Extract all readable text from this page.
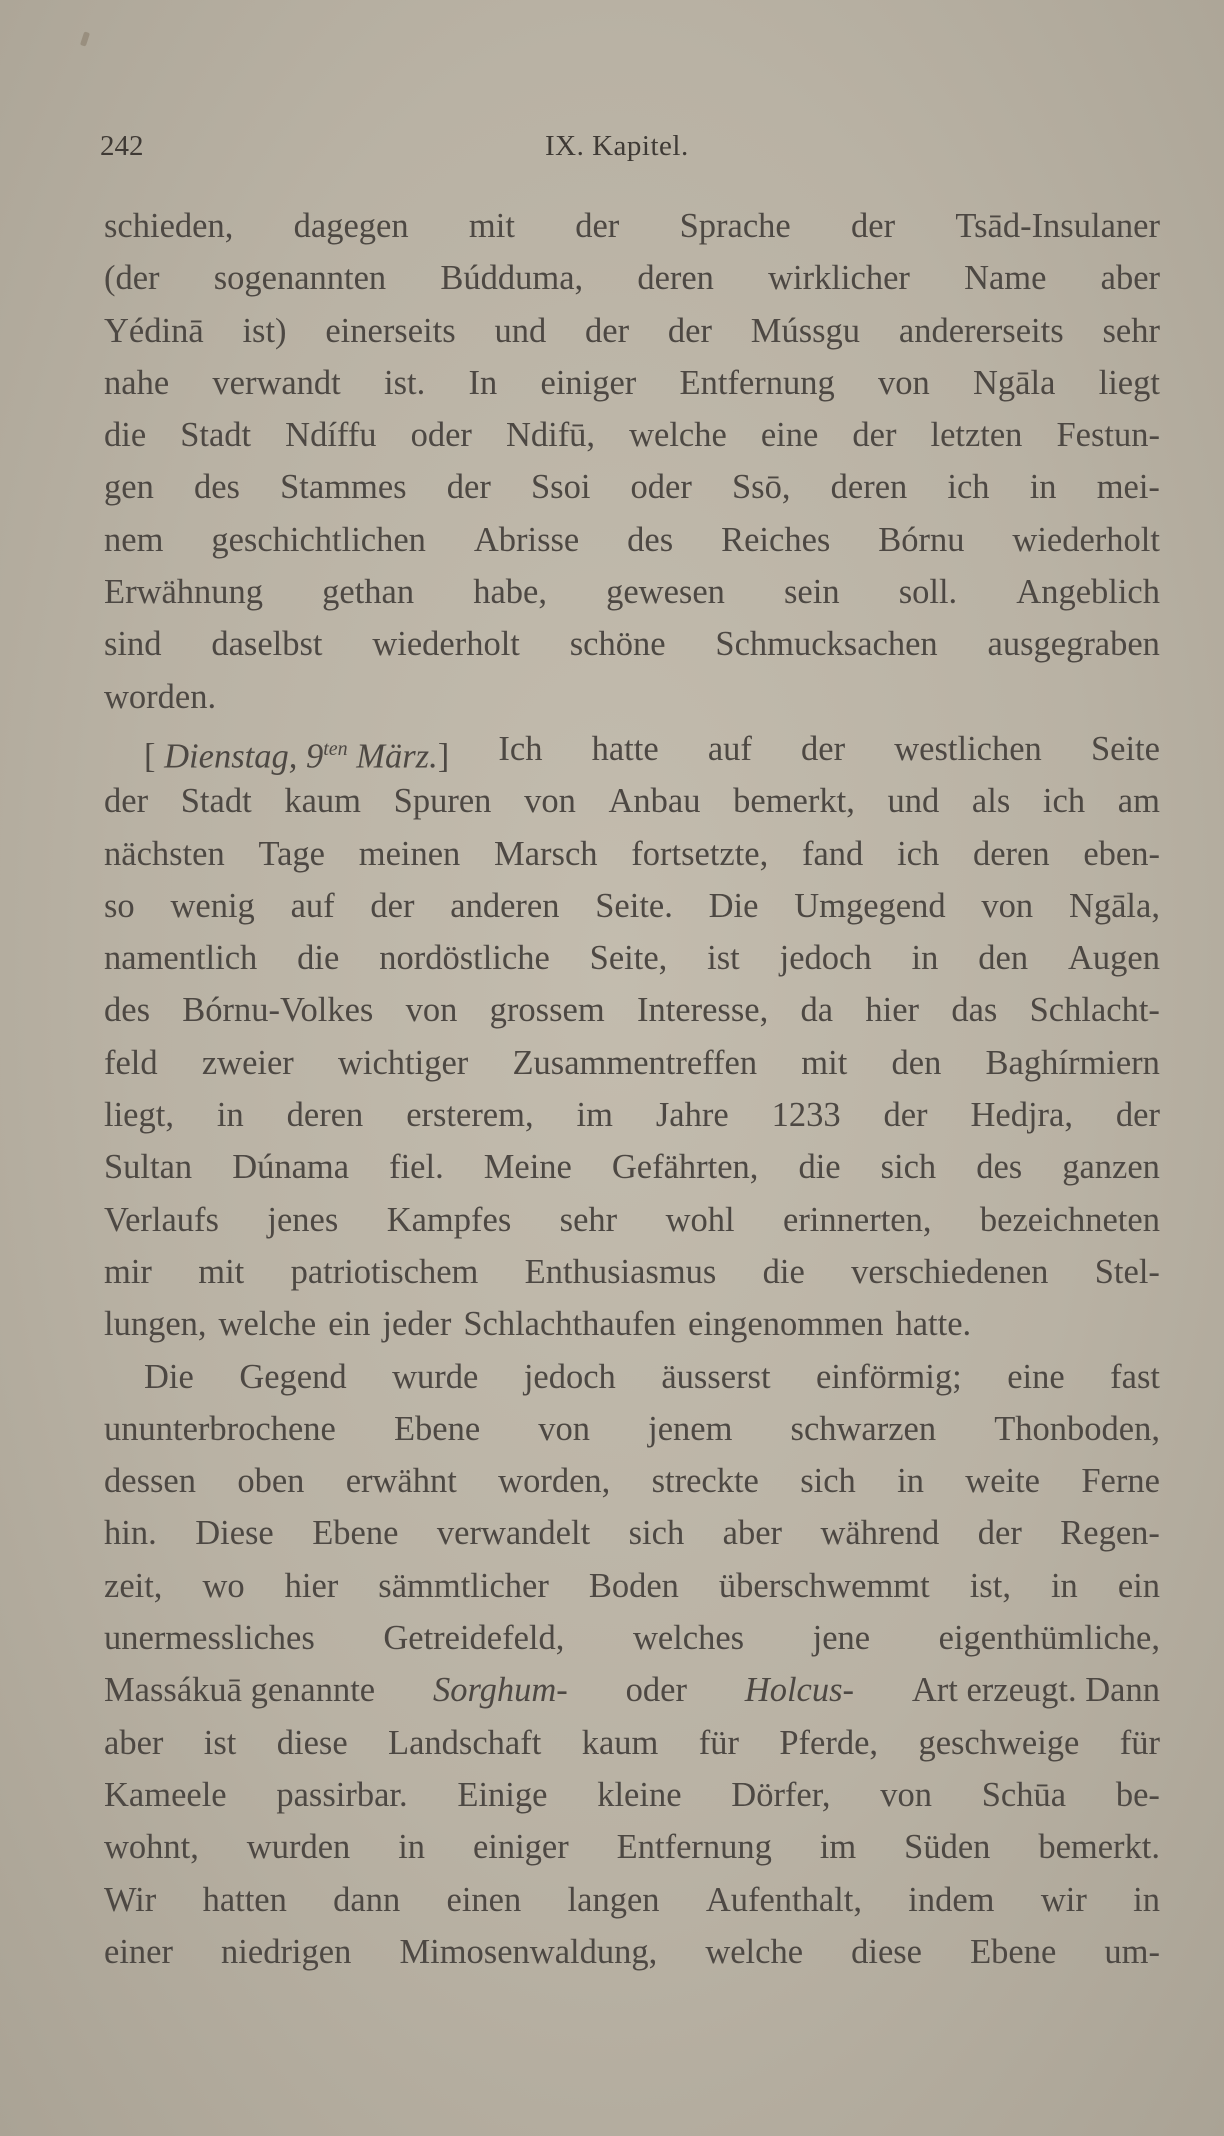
242	IX. Kapitel.
schieden, dagegen mit der Sprache der Tsād-Insulaner
(der sogenannten Búdduma, deren wirklicher Name aber
Yédinā ist) einerseits und der der Mússgu andererseits sehr
nahe verwandt ist. In einiger Entfernung von Ngāla liegt
die Stadt Ndíffu oder Ndifū, welche eine der letzten Festun-
gen des Stammes der Ssoi oder Ssō, deren ich in mei-
nem geschichtlichen Abrisse des Reiches Bórnu wiederholt
Erwähnung gethan habe, gewesen sein soll. Angeblich
sind daselbst wiederholt schöne Schmucksachen ausgegraben
worden.
[ Dienstag, $9^{ten}$ März.] Ich hatte auf der westlichen Seite
der Stadt kaum Spuren von Anbau bemerkt, und als ich am
nächsten Tage meinen Marsch fortsetzte, fand ich deren eben-
so wenig auf der anderen Seite. Die Umgegend von Ngāla,
namentlich die nordöstliche Seite, ist jedoch in den Augen
des Bórnu-Volkes von grossem Interesse, da hier das Schlacht-
feld zweier wichtiger Zusammentreffen mit den Baghírmiern
liegt, in deren ersterem, im Jahre 1233 der Hedjra, der
Sultan Dúnama fiel. Meine Gefährten, die sich des ganzen
Verlaufs jenes Kampfes sehr wohl erinnerten, bezeichneten
mir mit patriotischem Enthusiasmus die verschiedenen Stel-
lungen, welche ein jeder Schlachthaufen eingenommen hatte.
Die Gegend wurde jedoch äusserst einförmig; eine fast
ununterbrochene Ebene von jenem schwarzen Thonboden,
dessen oben erwähnt worden, streckte sich in weite Ferne
hin. Diese Ebene verwandelt sich aber während der Regen-
zeit, wo hier sämmtlicher Boden überschwemmt ist, in ein
unermessliches Getreidefeld, welches jene eigenthümliche,
Massákuā genannte Sorghum- oder Holcus- Art erzeugt. Dann
aber ist diese Landschaft kaum für Pferde, geschweige für
Kameele passirbar. Einige kleine Dörfer, von Schūa be-
wohnt, wurden in einiger Entfernung im Süden bemerkt.
Wir hatten dann einen langen Aufenthalt, indem wir in
einer niedrigen Mimosenwaldung, welche diese Ebene um-
